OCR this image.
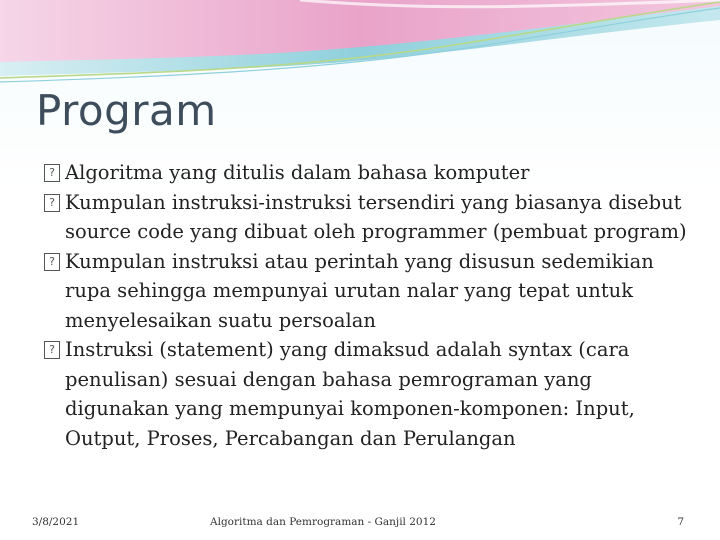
Program
? Algoritma yang ditulis dalam bahasa komputer
? Kumpulan instruksi-instruksi tersendiri yang biasanya disebut source code yang dibuat oleh programmer (pembuat program)
? Kumpulan instruksi atau perintah yang disusun sedemikian rupa sehingga mempunyai urutan nalar yang tepat untuk menyelesaikan suatu persoalan
? Instruksi (statement) yang dimaksud adalah syntax (cara penulisan) sesuai dengan bahasa pemrograman yang digunakan yang mempunyai komponen-komponen: Input, Output, Proses, Percabangan dan Perulangan
3/8/2021	Algoritma dan Pemrograman - Ganjil 2012	7
